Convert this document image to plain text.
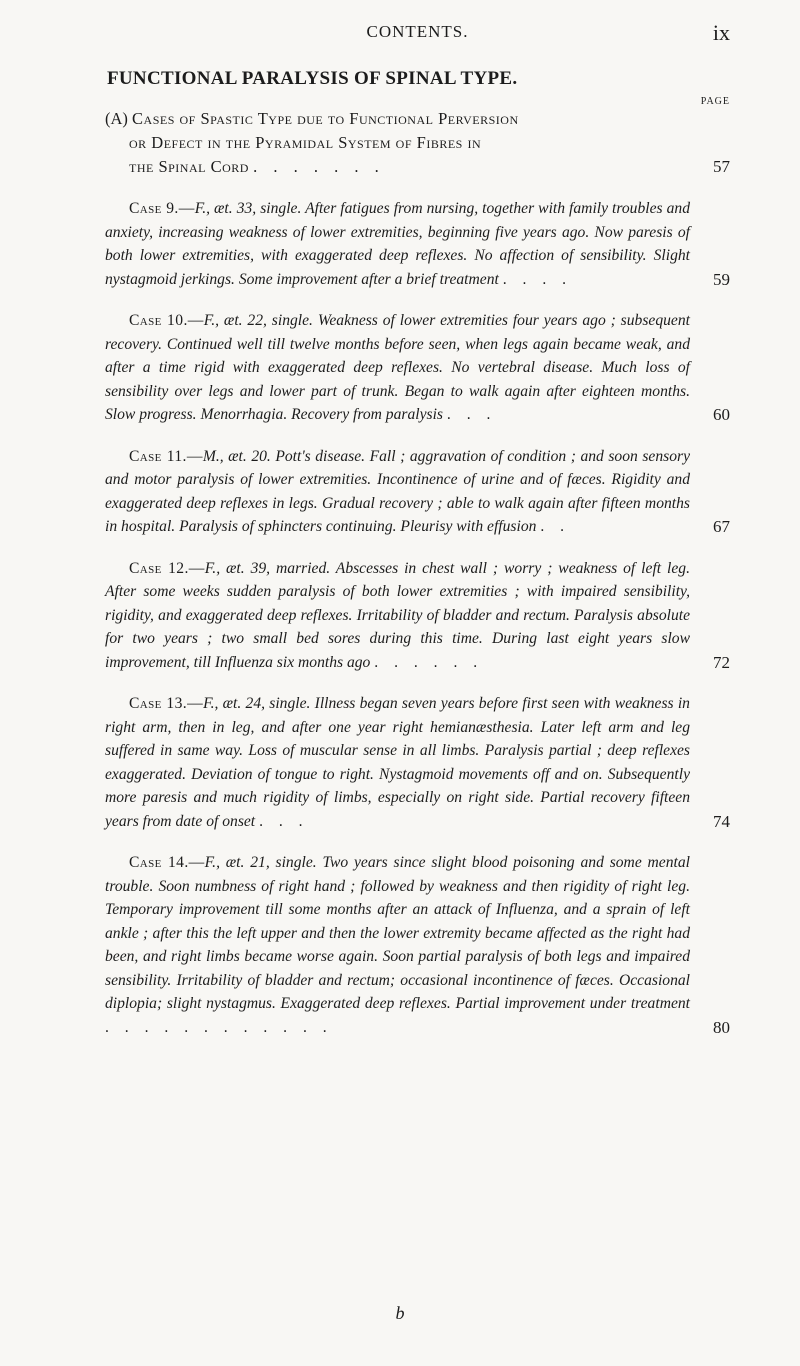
CONTENTS.	ix
FUNCTIONAL PARALYSIS OF SPINAL TYPE.
PAGE
(A) Cases of Spastic Type due to Functional Perversion
or Defect in the Pyramidal System of Fibres in
the Spinal Cord . . . . . . .	57
Case 9.—F., æt. 33, single. After fatigues from nursing, together with family troubles and anxiety, increasing weakness of lower extremities, beginning five years ago. Now paresis of both lower extremities, with exaggerated deep reflexes. No affection of sensibility. Slight nystagmoid jerkings. Some improvement after a brief treatment . . . .	59
Case 10.—F., æt. 22, single. Weakness of lower extremities four years ago ; subsequent recovery. Continued well till twelve months before seen, when legs again became weak, and after a time rigid with exaggerated deep reflexes. No vertebral disease. Much loss of sensibility over legs and lower part of trunk. Began to walk again after eighteen months. Slow progress. Menorrhagia. Recovery from paralysis . . .	60
Case 11.—M., æt. 20. Pott's disease. Fall ; aggravation of condition ; and soon sensory and motor paralysis of lower extremities. Incontinence of urine and of fæces. Rigidity and exaggerated deep reflexes in legs. Gradual recovery ; able to walk again after fifteen months in hospital. Paralysis of sphincters continuing. Pleurisy with effusion . .	67
Case 12.—F., æt. 39, married. Abscesses in chest wall ; worry ; weakness of left leg. After some weeks sudden paralysis of both lower extremities ; with impaired sensibility, rigidity, and exaggerated deep reflexes. Irritability of bladder and rectum. Paralysis absolute for two years ; two small bed sores during this time. During last eight years slow improvement, till Influenza six months ago . . . . . .	72
Case 13.—F., æt. 24, single. Illness began seven years before first seen with weakness in right arm, then in leg, and after one year right hemianæsthesia. Later left arm and leg suffered in same way. Loss of muscular sense in all limbs. Paralysis partial ; deep reflexes exaggerated. Deviation of tongue to right. Nystagmoid movements off and on. Subsequently more paresis and much rigidity of limbs, especially on right side. Partial recovery fifteen years from date of onset . . .	74
Case 14.—F., æt. 21, single. Two years since slight blood poisoning and some mental trouble. Soon numbness of right hand ; followed by weakness and then rigidity of right leg. Temporary improvement till some months after an attack of Influenza, and a sprain of left ankle ; after this the left upper and then the lower extremity became affected as the right had been, and right limbs became worse again. Soon partial paralysis of both legs and impaired sensibility. Irritability of bladder and rectum; occasional incontinence of fæces. Occasional diplopia; slight nystagmus. Exaggerated deep reflexes. Partial improvement under treatment . . . . . . . . . . . .	80
b
